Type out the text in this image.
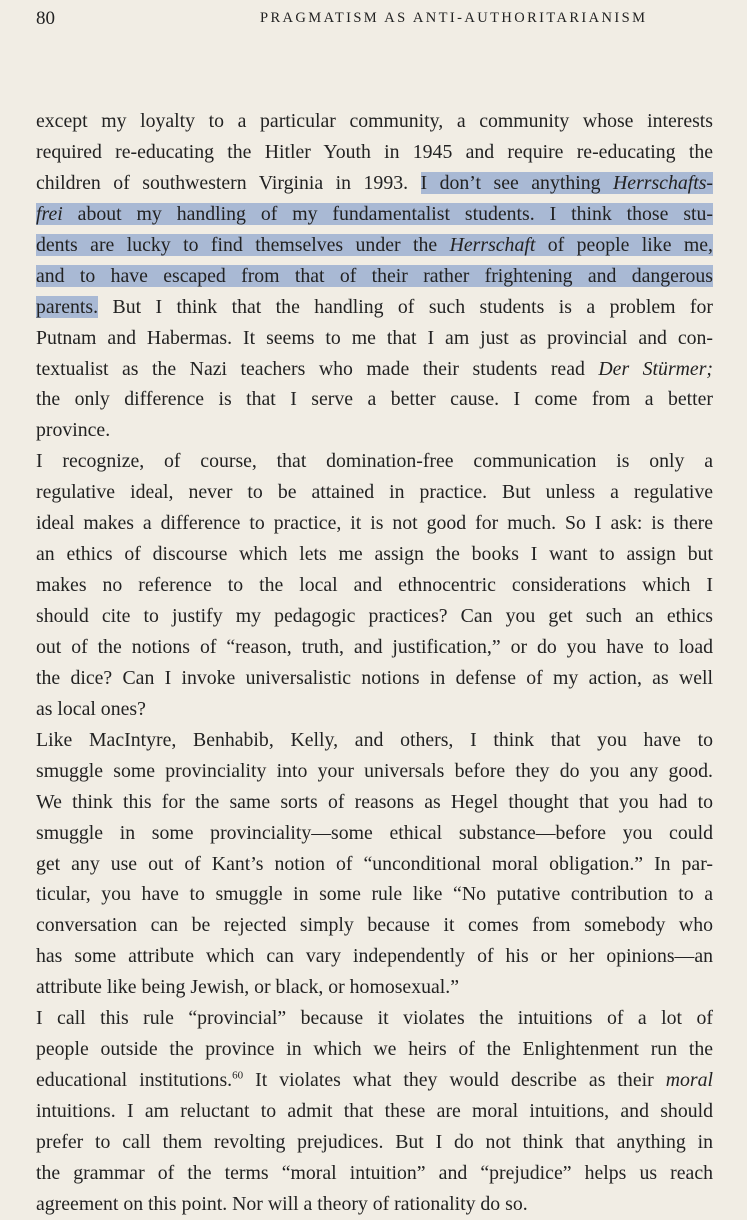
80	PRAGMATISM AS ANTI-AUTHORITARIANISM
except my loyalty to a particular community, a community whose interests
required re-educating the Hitler Youth in 1945 and require re-educating the
children of southwestern Virginia in 1993. I don’t see anything Herrschafts-
frei about my handling of my fundamentalist students. I think those stu-
dents are lucky to find themselves under the Herrschaft of people like me,
and to have escaped from that of their rather frightening and dangerous
parents. But I think that the handling of such students is a problem for
Putnam and Habermas. It seems to me that I am just as provincial and con-
textualist as the Nazi teachers who made their students read Der Stürmer;
the only difference is that I serve a better cause. I come from a better
province.
I recognize, of course, that domination-free communication is only a
regulative ideal, never to be attained in practice. But unless a regulative
ideal makes a difference to practice, it is not good for much. So I ask: is there
an ethics of discourse which lets me assign the books I want to assign but
makes no reference to the local and ethnocentric considerations which I
should cite to justify my pedagogic practices? Can you get such an ethics
out of the notions of “reason, truth, and justification,” or do you have to load
the dice? Can I invoke universalistic notions in defense of my action, as well
as local ones?
Like MacIntyre, Benhabib, Kelly, and others, I think that you have to
smuggle some provinciality into your universals before they do you any good.
We think this for the same sorts of reasons as Hegel thought that you had to
smuggle in some provinciality—some ethical substance—before you could
get any use out of Kant’s notion of “unconditional moral obligation.” In par-
ticular, you have to smuggle in some rule like “No putative contribution to a
conversation can be rejected simply because it comes from somebody who
has some attribute which can vary independently of his or her opinions—an
attribute like being Jewish, or black, or homosexual.”
I call this rule “provincial” because it violates the intuitions of a lot of
people outside the province in which we heirs of the Enlightenment run the
educational institutions.$^{60}$ It violates what they would describe as their moral
intuitions. I am reluctant to admit that these are moral intuitions, and should
prefer to call them revolting prejudices. But I do not think that anything in
the grammar of the terms “moral intuition” and “prejudice” helps us reach
agreement on this point. Nor will a theory of rationality do so.
